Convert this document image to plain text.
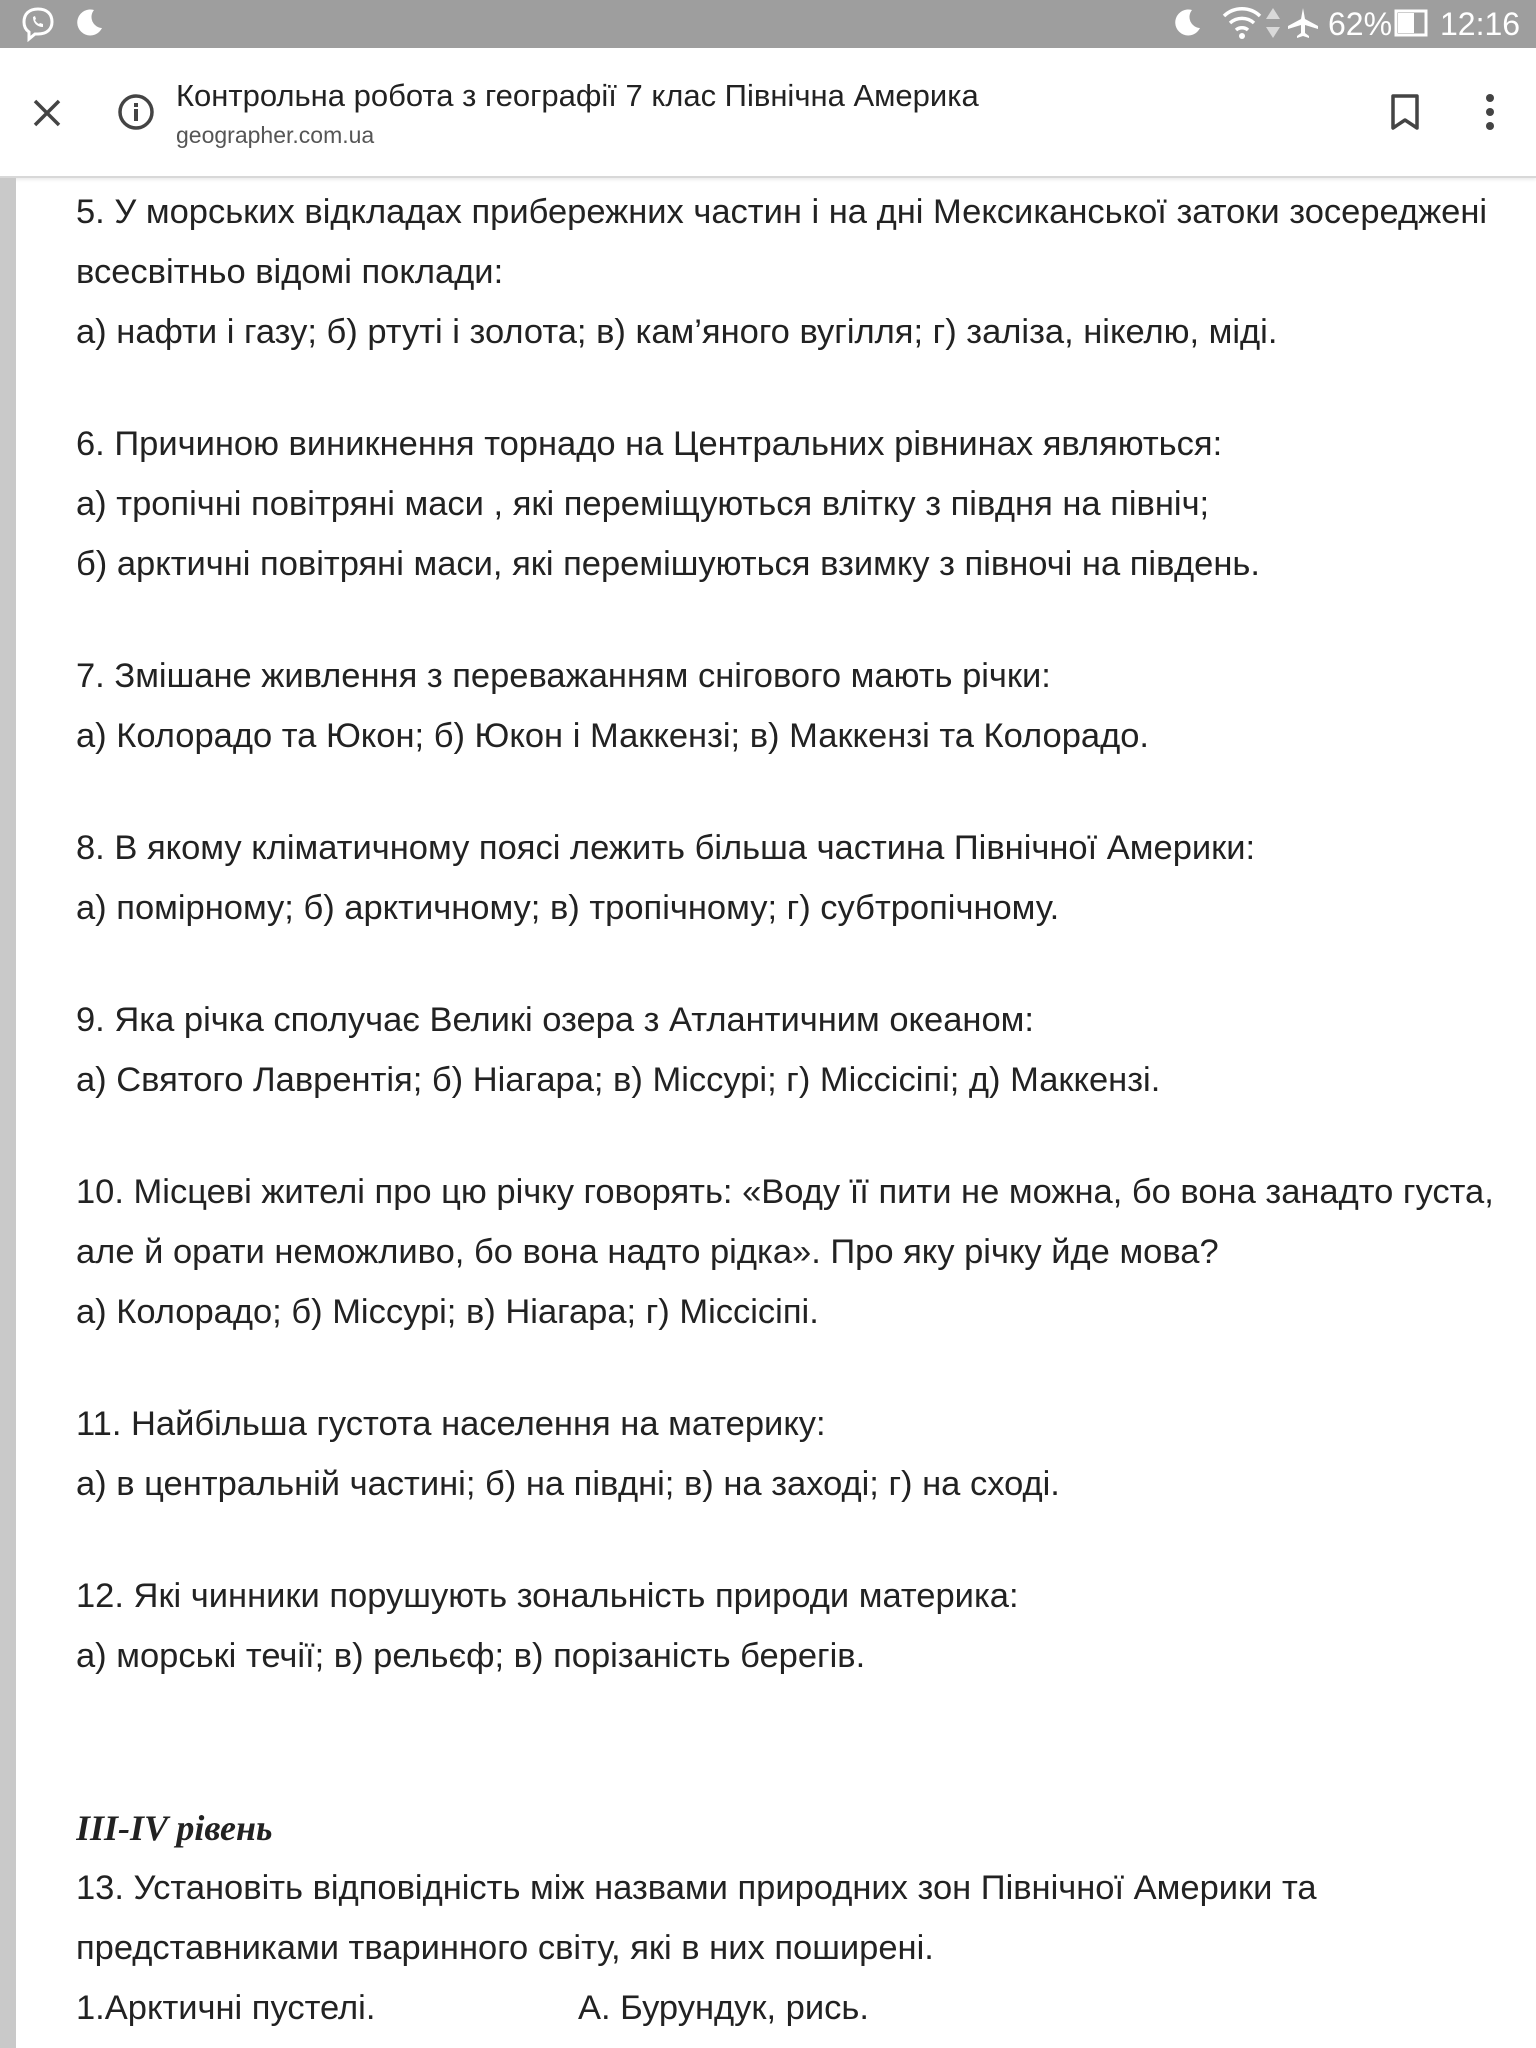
62% 12:16
Контрольна робота з географії 7 клас Північна Америка
geographer.com.ua
5. У морських відкладах прибережних частин і на дні Мексиканської затоки зосереджені
всесвітньо відомі поклади:
а) нафти і газу; б) ртуті і золота; в) кам’яного вугілля; г) заліза, нікелю, міді.
6. Причиною виникнення торнадо на Центральних рівнинах являються:
а) тропічні повітряні маси , які переміщуються влітку з півдня на північ;
б) арктичні повітряні маси, які перемішуються взимку з півночі на південь.
7. Змішане живлення з переважанням снігового мають річки:
а) Колорадо та Юкон; б) Юкон і Маккензі; в) Маккензі та Колорадо.
8. В якому кліматичному поясі лежить більша частина Північної Америки:
а) помірному; б) арктичному; в) тропічному; г) субтропічному.
9. Яка річка сполучає Великі озера з Атлантичним океаном:
а) Святого Лаврентія; б) Ніагара; в) Міссурі; г) Міссісіпі; д) Маккензі.
10. Місцеві жителі про цю річку говорять: «Воду її пити не можна, бо вона занадто густа,
але й орати неможливо, бо вона надто рідка». Про яку річку йде мова?
а) Колорадо; б) Міссурі; в) Ніагара; г) Міссісіпі.
11. Найбільша густота населення на материку:
а) в центральній частині; б) на півдні; в) на заході; г) на сході.
12. Які чинники порушують зональність природи материка:
а) морські течії; в) рельєф; в) порізаність берегів.
III-IV рівень
13. Установіть відповідність між назвами природних зон Північної Америки та
представниками тваринного світу, які в них поширені.
1.Арктичні пустелі.	А. Бурундук, рись.
